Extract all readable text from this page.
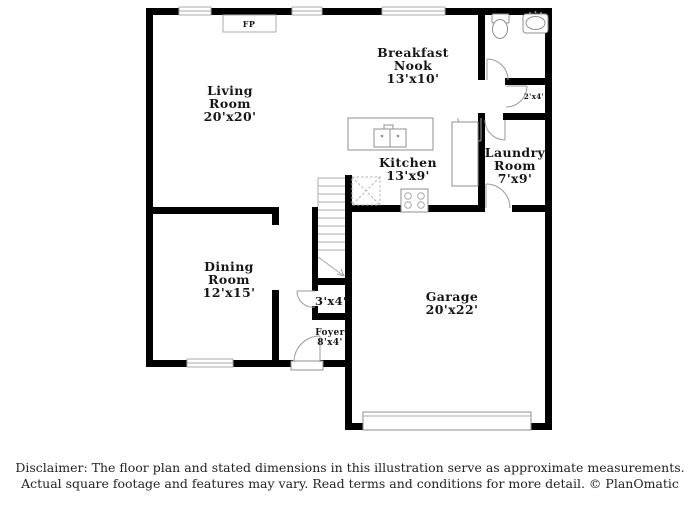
FP
Living
Room
20'x20'
Breakfast
Nook
13'x10'
Kitchen
13'x9'
Laundry
Room
7'x9'
Dining
Room
12'x15'	Garage
20'x22'
3'x4'
Foyer
8'x4'
2'x4'
Disclaimer: The floor plan and stated dimensions in this illustration serve as approximate measurements.
Actual square footage and features may vary. Read terms and conditions for more detail. © PlanOmatic
